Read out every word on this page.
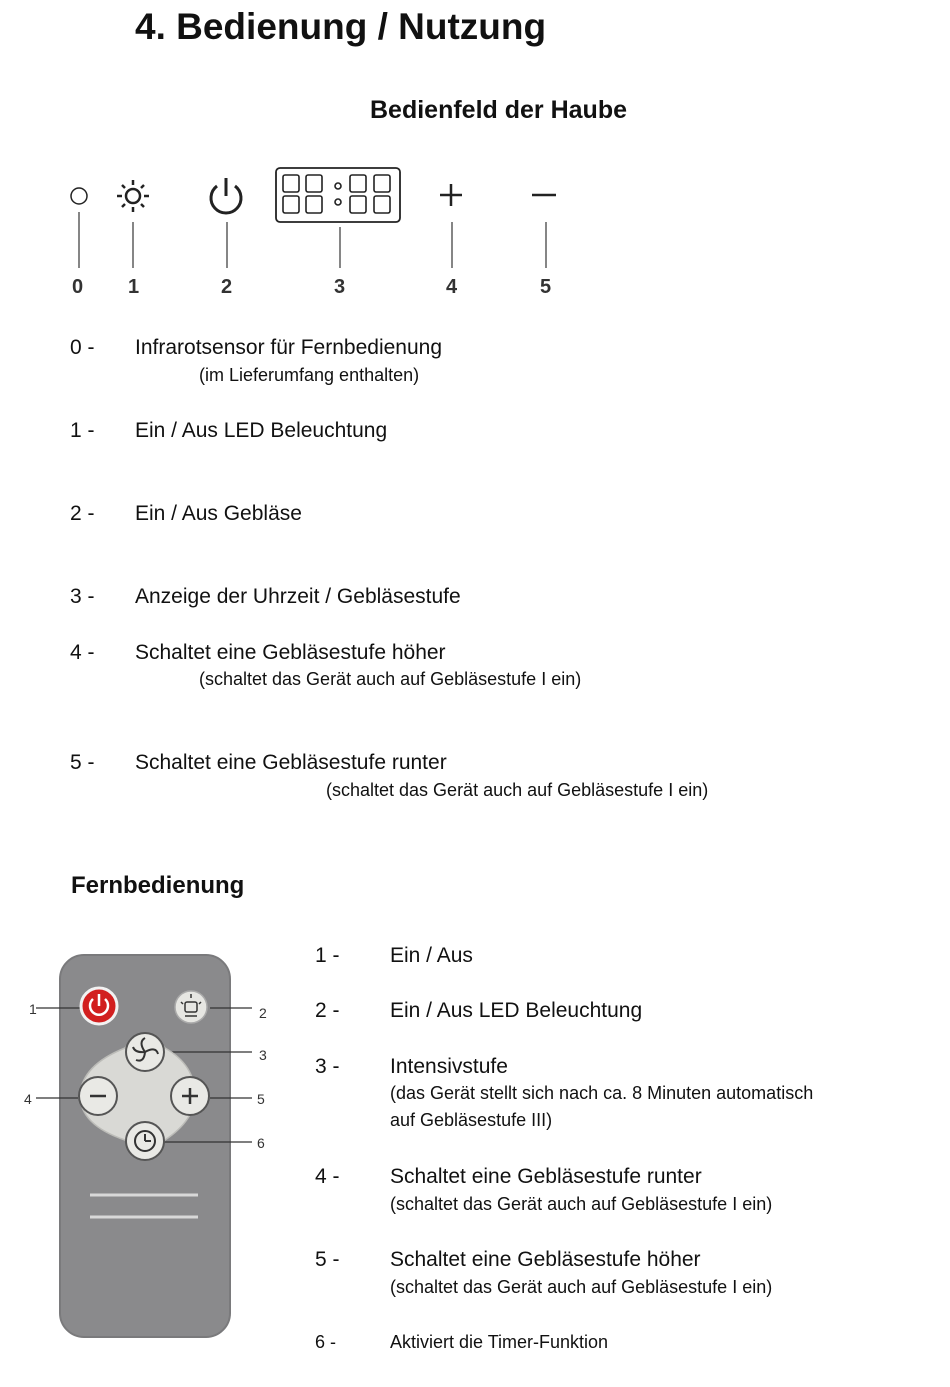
4. Bedienung / Nutzung
Bedienfeld der Haube
0 1	2	3	4	5
0 - Infrarotsensor für Fernbedienung
(im Lieferumfang enthalten)
1 - Ein / Aus LED Beleuchtung
2 - Ein / Aus Gebläse
3 - Anzeige der Uhrzeit / Gebläsestufe
4 - Schaltet eine Gebläsestufe höher
(schaltet das Gerät auch auf Gebläsestufe I ein)
5 - Schaltet eine Gebläsestufe runter
(schaltet das Gerät auch auf Gebläsestufe I ein)
Fernbedienung
1	2
3
4	5
6
1 - Ein / Aus
2 - Ein / Aus LED Beleuchtung
3 - Intensivstufe
(das Gerät stellt sich nach ca. 8 Minuten automatisch
auf Gebläsestufe III)
4 - Schaltet eine Gebläsestufe runter
(schaltet das Gerät auch auf Gebläsestufe I ein)
5 - Schaltet eine Gebläsestufe höher
(schaltet das Gerät auch auf Gebläsestufe I ein)
6 -	Aktiviert die Timer-Funktion
